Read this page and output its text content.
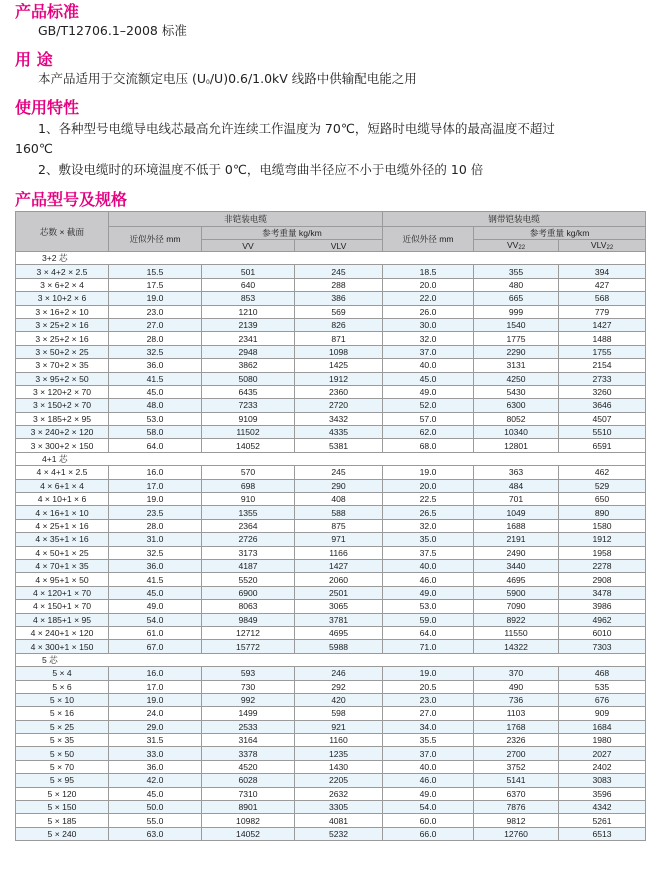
产品标准

GB/T12706.1–2008 标准

用 途

本产品适用于交流额定电压 $(U_0/U)0.6/1.0kV$ 线路中供输配电能之用

使用特性

1、各种型号电缆导电线芯最高允许连续工作温度为 70℃，短路时电缆导体的最高温度不超过

160℃

2、敷设电缆时的环境温度不低于 0℃，电缆弯曲半径应不小于电缆外径的 10 倍

产品型号及规格
芯数 × 截面	非铠装电缆			钢带铠装电缆		
	近似外径 mm	参考重量 kg/km		近似外径 mm	参考重量 kg/km	
		VV	VLV		$VV_{22}$	$VLV_{22}$
3+2 芯						
3 × 4+2 × 2.5	15.5	501	245	18.5	355	394
3 × 6+2 × 4	17.5	640	288	20.0	480	427
3 × 10+2 × 6	19.0	853	386	22.0	665	568
3 × 16+2 × 10	23.0	1210	569	26.0	999	779
3 × 25+2 × 16	27.0	2139	826	30.0	1540	1427
3 × 25+2 × 16	28.0	2341	871	32.0	1775	1488
3 × 50+2 × 25	32.5	2948	1098	37.0	2290	1755
3 × 70+2 × 35	36.0	3862	1425	40.0	3131	2154
3 × 95+2 × 50	41.5	5080	1912	45.0	4250	2733
3 × 120+2 × 70	45.0	6435	2360	49.0	5430	3260
3 × 150+2 × 70	48.0	7233	2720	52.0	6300	3646
3 × 185+2 × 95	53.0	9109	3432	57.0	8052	4507
3 × 240+2 × 120	58.0	11502	4335	62.0	10340	5510
3 × 300+2 × 150	64.0	14052	5381	68.0	12801	6591
4+1 芯						
4 × 4+1 × 2.5	16.0	570	245	19.0	363	462
4 × 6+1 × 4	17.0	698	290	20.0	484	529
4 × 10+1 × 6	19.0	910	408	22.5	701	650
4 × 16+1 × 10	23.5	1355	588	26.5	1049	890
4 × 25+1 × 16	28.0	2364	875	32.0	1688	1580
4 × 35+1 × 16	31.0	2726	971	35.0	2191	1912
4 × 50+1 × 25	32.5	3173	1166	37.5	2490	1958
4 × 70+1 × 35	36.0	4187	1427	40.0	3440	2278
4 × 95+1 × 50	41.5	5520	2060	46.0	4695	2908
4 × 120+1 × 70	45.0	6900	2501	49.0	5900	3478
4 × 150+1 × 70	49.0	8063	3065	53.0	7090	3986
4 × 185+1 × 95	54.0	9849	3781	59.0	8922	4962
4 × 240+1 × 120	61.0	12712	4695	64.0	11550	6010
4 × 300+1 × 150	67.0	15772	5988	71.0	14322	7303
5 芯						
5 × 4	16.0	593	246	19.0	370	468
5 × 6	17.0	730	292	20.5	490	535
5 × 10	19.0	992	420	23.0	736	676
5 × 16	24.0	1499	598	27.0	1103	909
5 × 25	29.0	2533	921	34.0	1768	1684
5 × 35	31.5	3164	1160	35.5	2326	1980
5 × 50	33.0	3378	1235	37.0	2700	2027
5 × 70	36.0	4520	1430	40.0	3752	2402
5 × 95	42.0	6028	2205	46.0	5141	3083
5 × 120	45.0	7310	2632	49.0	6370	3596
5 × 150	50.0	8901	3305	54.0	7876	4342
5 × 185	55.0	10982	4081	60.0	9812	5261
5 × 240	63.0	14052	5232	66.0	12760	6513
